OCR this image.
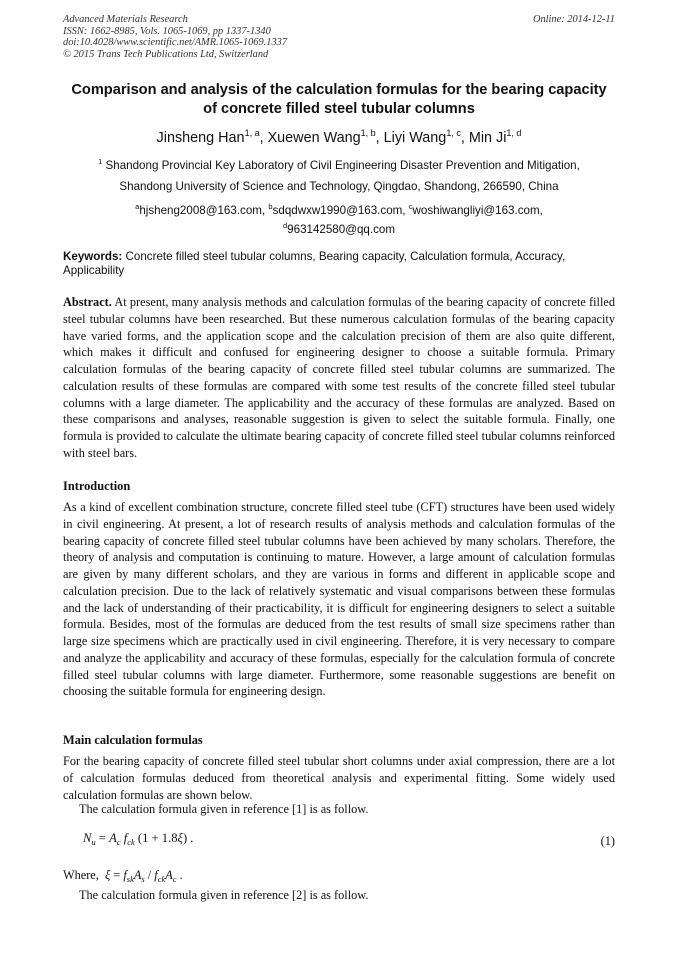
Advanced Materials Research
ISSN: 1662-8985, Vols. 1065-1069, pp 1337-1340
doi:10.4028/www.scientific.net/AMR.1065-1069.1337
© 2015 Trans Tech Publications Ltd, Switzerland
Online: 2014-12-11
Comparison and analysis of the calculation formulas for the bearing capacity of concrete filled steel tubular columns
Jinsheng Han$^{1, a}$, Xuewen Wang$^{1, b}$, Liyi Wang$^{1, c}$, Min Ji$^{1, d}$
$^1$ Shandong Provincial Key Laboratory of Civil Engineering Disaster Prevention and Mitigation,
Shandong University of Science and Technology, Qingdao, Shandong, 266590, China
$^a$hjsheng2008@163.com, $^b$sdqdwxw1990@163.com, $^c$woshiwangliyi@163.com,
$^d$963142580@qq.com
Keywords: Concrete filled steel tubular columns, Bearing capacity, Calculation formula, Accuracy, Applicability
Abstract. At present, many analysis methods and calculation formulas of the bearing capacity of concrete filled steel tubular columns have been researched. But these numerous calculation formulas of the bearing capacity have varied forms, and the application scope and the calculation precision of them are also quite different, which makes it difficult and confused for engineering designer to choose a suitable formula. Primary calculation formulas of the bearing capacity of concrete filled steel tubular columns are summarized. The calculation results of these formulas are compared with some test results of the concrete filled steel tubular columns with a large diameter. The applicability and the accuracy of these formulas are analyzed. Based on these comparisons and analyses, reasonable suggestion is given to select the suitable formula. Finally, one formula is provided to calculate the ultimate bearing capacity of concrete filled steel tubular columns reinforced with steel bars.
Introduction
As a kind of excellent combination structure, concrete filled steel tube (CFT) structures have been used widely in civil engineering. At present, a lot of research results of analysis methods and calculation formulas of the bearing capacity of concrete filled steel tubular columns have been achieved by many scholars. Therefore, the theory of analysis and computation is continuing to mature. However, a large amount of calculation formulas are given by many different scholars, and they are various in forms and different in applicable scope and calculation precision. Due to the lack of relatively systematic and visual comparisons between these formulas and the lack of understanding of their practicability, it is difficult for engineering designers to select a suitable formula. Besides, most of the formulas are deduced from the test results of small size specimens rather than large size specimens which are practically used in civil engineering. Therefore, it is very necessary to compare and analyze the applicability and accuracy of these formulas, especially for the calculation formula of concrete filled steel tubular columns with large diameter. Furthermore, some reasonable suggestions are benefit on choosing the suitable formula for engineering design.
Main calculation formulas
For the bearing capacity of concrete filled steel tubular short columns under axial compression, there are a lot of calculation formulas deduced from theoretical analysis and experimental fitting. Some widely used calculation formulas are shown below.
The calculation formula given in reference [1] is as follow.
$N_u = A_c$ $f_{ck}$ (1 + 1.8ξ) .	(1)
Where, $\xi = f_{sk}A_s / f_{ck}A_c$ .
The calculation formula given in reference [2] is as follow.
